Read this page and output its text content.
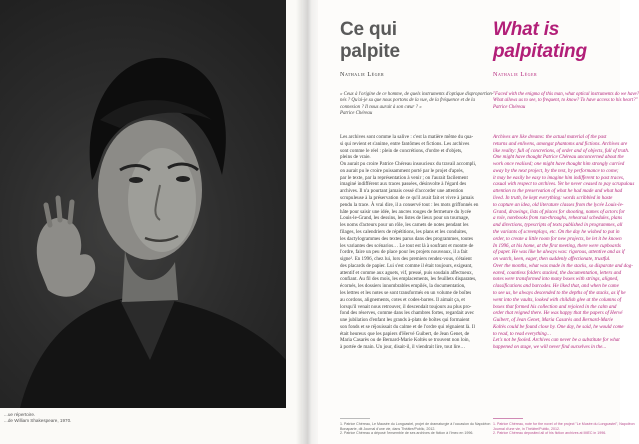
...ue répertoire.
...de William Shakespeare, 1970.
Ce qui
palpite
Nathalie Léger
« Ceux à l'origine de ce homme, de quels instruments d'optique disproportion-
nés ? Qu'ai-je su que nous portons de la vue, de la fréquence et de la
connexion ? Il nous aurait à son cœur ? »
Patrice Chéreau
Les archives sont comme la salive : c'est la matière même du qua-
si qui revient et s'anime, entre fantômes et fictions. Les archives
sont comme le réel : plein de concrétions, d'ordre et d'objets,
pleins de vraie.
On aurait pu croire Patrice Chéreau insoucieux du travail accompli,
on aurait pu le croire puissamment porté par le projet d'après,
par le texte, par la représentation à venir ; on l'aurait facilement
imaginé indifférent aux traces passées, désinvolte à l'égard des
archives. Il n'a pourtant jamais cessé d'accorder une attention
scrupuleuse à la préservation de ce qu'il avait fait et vivre à jamais
pendu la trace. À vrai dire, il a conservé tout : les mots griffonnés en
hâte pour saisir une idée, les ancres rouges de fermeture du lycée
Louis-le-Grand, les dessins, les listes de lieux pour un tournage,
les noms d'acteurs pour un rôle, les carnets de notes pendant les
filages, les calendriers de répétitions, les plans et les conduites,
les dactylogrammes des textes parus dans des programmes, toutes
les variantes des scénarios… Le tout est là à soufrant et montre de
l'ordre, faire un peu de place pour les projets nouveaux, il a fait
signe¹. En 1996, chez lui, lors des premiers rendez-vous, s'étaient
des placards de papier. Lui s'est comme il était toujours, exigeant,
attentif et comme aux aguets, vif, pressé, puis soudain affectueux,
confiant. Au fil des mois, les emplacements, les feuillets disparates,
écornés, les dossiers innombrables empilés, la documentation,
les lettres et les notes se sont transformés en un volume de boîtes
au cordons, alignements, cotes et codes-barres. Il aimait ça, et
lorsqu'il venait nous retrouver, il descendait toujours au plus pro-
fond des réserves, comme dans les chambres fortes, regardait avec
une jubilation d'enfant les grands à-plats de boîtes qui formaient
son fonds et se réjouissait du calme et de l'ordre qui régnaient là. Il
était heureux que les papiers d'Hervé Guibert, de Jean Genet, de
Maria Casarès ou de Bernard-Marie Koltès se trouvent non loin,
à portée de main. Un jour, disait-il, il viendrait lire, tout lire…
1. Patrice Chéreau, Le Mausée du Longcastel, projet de dramaturgie à l'occasion du Napoléon
Bonaparte, dit Journal d'une vie, dans Théâtre/Public, 2012.
2. Patrice Chéreau a déposé l'ensemble de ses archives de fiction à l'Imec en 1996.
What is
palpitating
Nathalie Léger
"Faced with the enigma of this man, what optical instruments do we have?
What allows us to see, to frequent, to know? To have access to his heart?"
Patrice Chéreau
Archives are like dreams: the actual material of the past
returns and enlivens, amongst phantoms and fictions. Archives are
like reality: full of concretions, of order and of objects, full of truth.
One might have thought Patrice Chéreau unconcerned about the
work once realised; one might have thought him strongly carried
away by the next project, by the text, by performance to come;
it may be easily be easy to imagine him indifferent to past traces,
casual with respect to archives. Yet he never ceased to pay scrupulous
attention to the preservation of what he had made and what had
lived. In truth, he kept everything: words scribbled in haste
to capture an idea, old literature classes from the lycée Louis-le-
Grand, drawings, lists of places for shooting, names of actors for
a role, notebooks from run-throughs, rehearsal schedules, plans
and directions, typescripts of texts published in programmes, all
the variants of screenplays, etc. On the day he wished to put in
order, to create a little room for new projects, he let it be known
In 1996, at his home, at the first meeting, there were cupboards
of paper. He was like he always was: rigorous, attentive and as if
on watch, keen, eager, then suddenly affectionate, trustful.
Over the months, what was made in the stacks, so disparate and dog-
eared, countless folders stacked, the documentation, letters and
notes were transformed into many boxes with strings, aligned,
classifications and barcodes. He liked that, and when he came
to see us, he always descended to the depths of the stacks, as if he
went into the vaults, looked with childish glee at the columns of
boxes that formed his collection and rejoiced in the calm and
order that reigned there. He was happy that the papers of Hervé
Guibert, of Jean Genet, Maria Casarès and Bernard-Marie
Koltès could be found close by. One day, he said, he would come
to read, to read everything…
Let's not be fooled. Archives can never be a substitute for what
happened on stage, we will never find ourselves in the...
1. Patrice Chéreau, note for the novel of the project "Le Musée du Longcastel", Napoléon
Journal d'une vie, in Théâtre/Public, 2012.
2. Patrice Chéreau deposited all of his fiction archives at IMEC in 1996.
